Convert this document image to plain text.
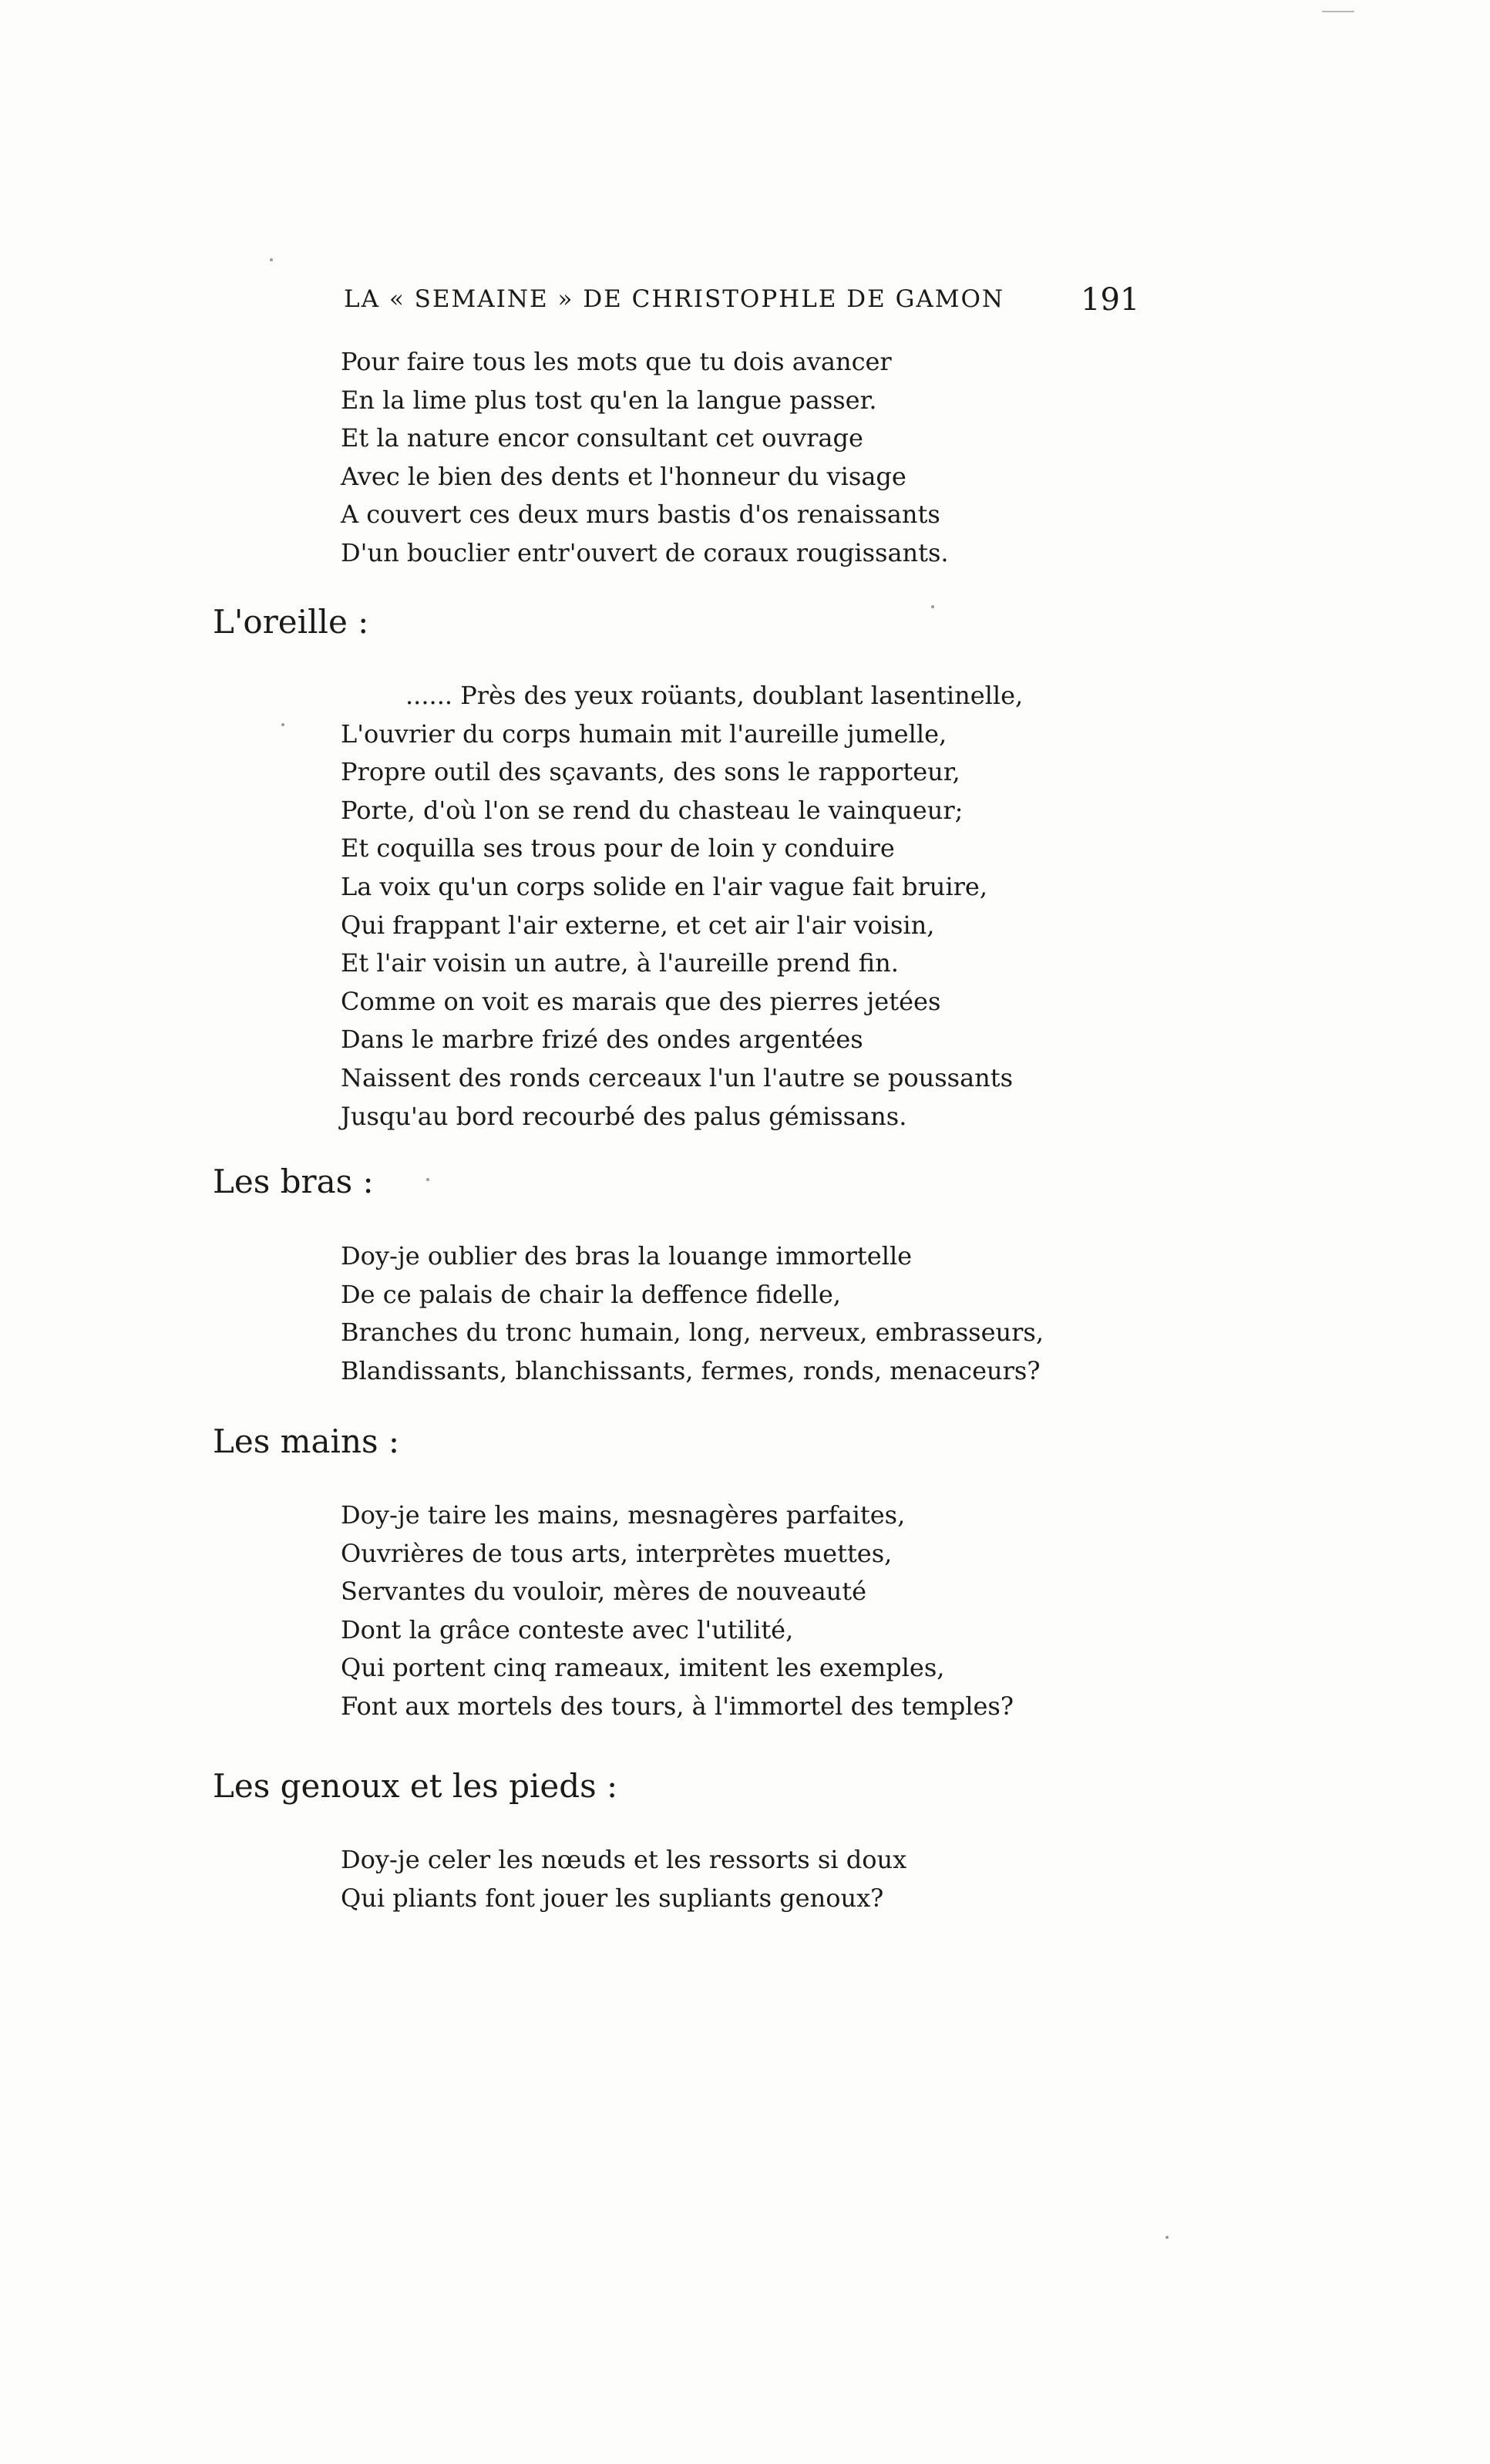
LA « SEMAINE » DE CHRISTOPHLE DE GAMON 191
Pour faire tous les mots que tu dois avancer
En la lime plus tost qu'en la langue passer.
Et la nature encor consultant cet ouvrage
Avec le bien des dents et l'honneur du visage
A couvert ces deux murs bastis d'os renaissants
D'un bouclier entr'ouvert de coraux rougissants.
L'oreille :
...... Près des yeux roüants, doublant lasentinelle,
L'ouvrier du corps humain mit l'aureille jumelle,
Propre outil des sçavants, des sons le rapporteur,
Porte, d'où l'on se rend du chasteau le vainqueur;
Et coquilla ses trous pour de loin y conduire
La voix qu'un corps solide en l'air vague fait bruire,
Qui frappant l'air externe, et cet air l'air voisin,
Et l'air voisin un autre, à l'aureille prend fin.
Comme on voit es marais que des pierres jetées
Dans le marbre frizé des ondes argentées
Naissent des ronds cerceaux l'un l'autre se poussants
Jusqu'au bord recourbé des palus gémissans.
Les bras :
Doy-je oublier des bras la louange immortelle
De ce palais de chair la deffence fidelle,
Branches du tronc humain, long, nerveux, embrasseurs,
Blandissants, blanchissants, fermes, ronds, menaceurs?
Les mains :
Doy-je taire les mains, mesnagères parfaites,
Ouvrières de tous arts, interprètes muettes,
Servantes du vouloir, mères de nouveauté
Dont la grâce conteste avec l'utilité,
Qui portent cinq rameaux, imitent les exemples,
Font aux mortels des tours, à l'immortel des temples?
Les genoux et les pieds :
Doy-je celer les nœuds et les ressorts si doux
Qui pliants font jouer les supliants genoux?
